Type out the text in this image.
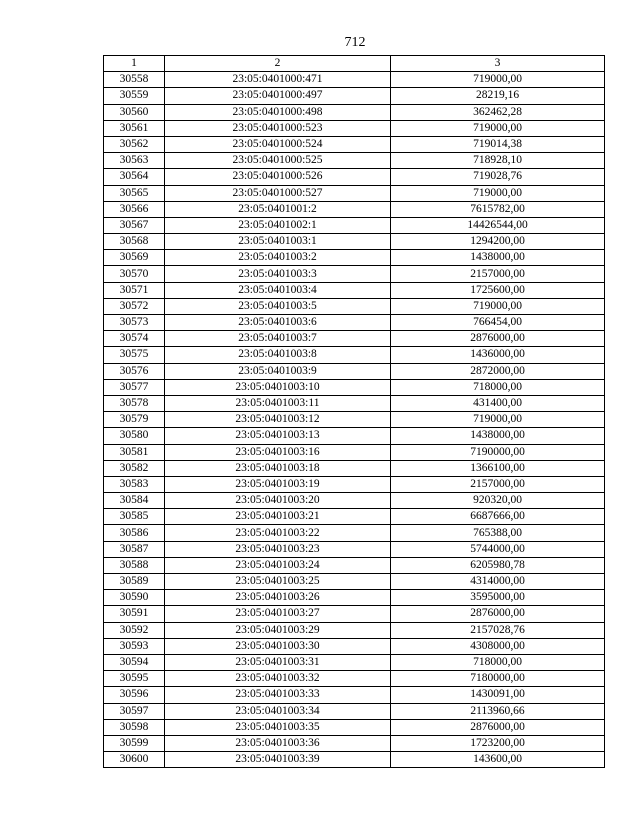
712
1	2	3
30558	23:05:0401000:471	719000,00
30559	23:05:0401000:497	28219,16
30560	23:05:0401000:498	362462,28
30561	23:05:0401000:523	719000,00
30562	23:05:0401000:524	719014,38
30563	23:05:0401000:525	718928,10
30564	23:05:0401000:526	719028,76
30565	23:05:0401000:527	719000,00
30566	23:05:0401001:2	7615782,00
30567	23:05:0401002:1	14426544,00
30568	23:05:0401003:1	1294200,00
30569	23:05:0401003:2	1438000,00
30570	23:05:0401003:3	2157000,00
30571	23:05:0401003:4	1725600,00
30572	23:05:0401003:5	719000,00
30573	23:05:0401003:6	766454,00
30574	23:05:0401003:7	2876000,00
30575	23:05:0401003:8	1436000,00
30576	23:05:0401003:9	2872000,00
30577	23:05:0401003:10	718000,00
30578	23:05:0401003:11	431400,00
30579	23:05:0401003:12	719000,00
30580	23:05:0401003:13	1438000,00
30581	23:05:0401003:16	7190000,00
30582	23:05:0401003:18	1366100,00
30583	23:05:0401003:19	2157000,00
30584	23:05:0401003:20	920320,00
30585	23:05:0401003:21	6687666,00
30586	23:05:0401003:22	765388,00
30587	23:05:0401003:23	5744000,00
30588	23:05:0401003:24	6205980,78
30589	23:05:0401003:25	4314000,00
30590	23:05:0401003:26	3595000,00
30591	23:05:0401003:27	2876000,00
30592	23:05:0401003:29	2157028,76
30593	23:05:0401003:30	4308000,00
30594	23:05:0401003:31	718000,00
30595	23:05:0401003:32	7180000,00
30596	23:05:0401003:33	1430091,00
30597	23:05:0401003:34	2113960,66
30598	23:05:0401003:35	2876000,00
30599	23:05:0401003:36	1723200,00
30600	23:05:0401003:39	143600,00
